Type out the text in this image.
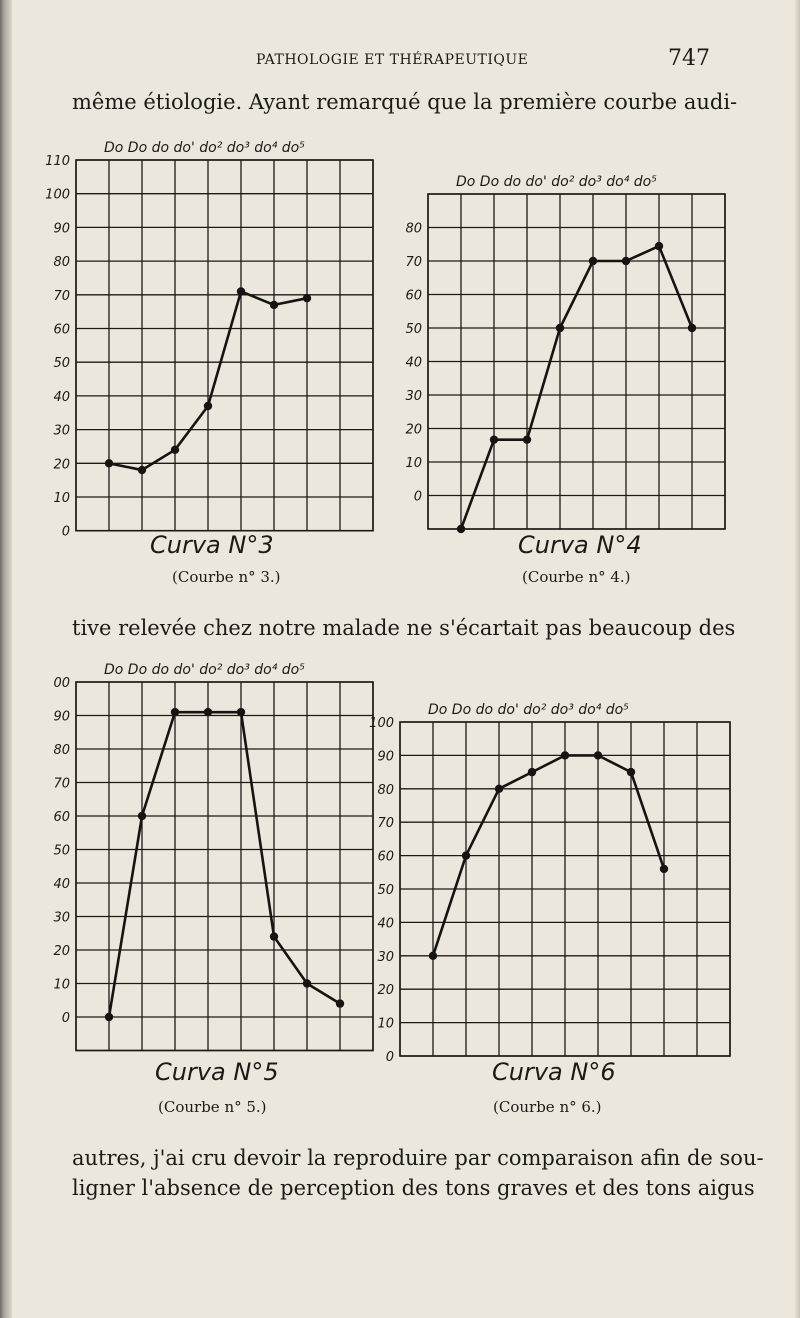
PATHOLOGIE ET THÉRAPEUTIQUE	747
même étiologie. Ayant remarqué que la première courbe audi-
110
100
90
80
70
60
50
40
30
20
10
0
Do Do do do' do² do³ do⁴ do⁵
Curva N°3
(Courbe n° 3.)
80
70
60
50
40
30
20
10
0
Do Do do do' do² do³ do⁴ do⁵
Curva N°4
(Courbe n° 4.)
tive relevée chez notre malade ne s'écartait pas beaucoup des
00
90
80
70
60
50
40
30
20
10
0
Do Do do do' do² do³ do⁴ do⁵
Curva N°5
(Courbe n° 5.)
100
90
80
70
60
50
40
30
20
10
0
Do Do do do' do² do³ do⁴ do⁵
Curva N°6
(Courbe n° 6.)
autres, j'ai cru devoir la reproduire par comparaison afin de sou-
ligner l'absence de perception des tons graves et des tons aigus
